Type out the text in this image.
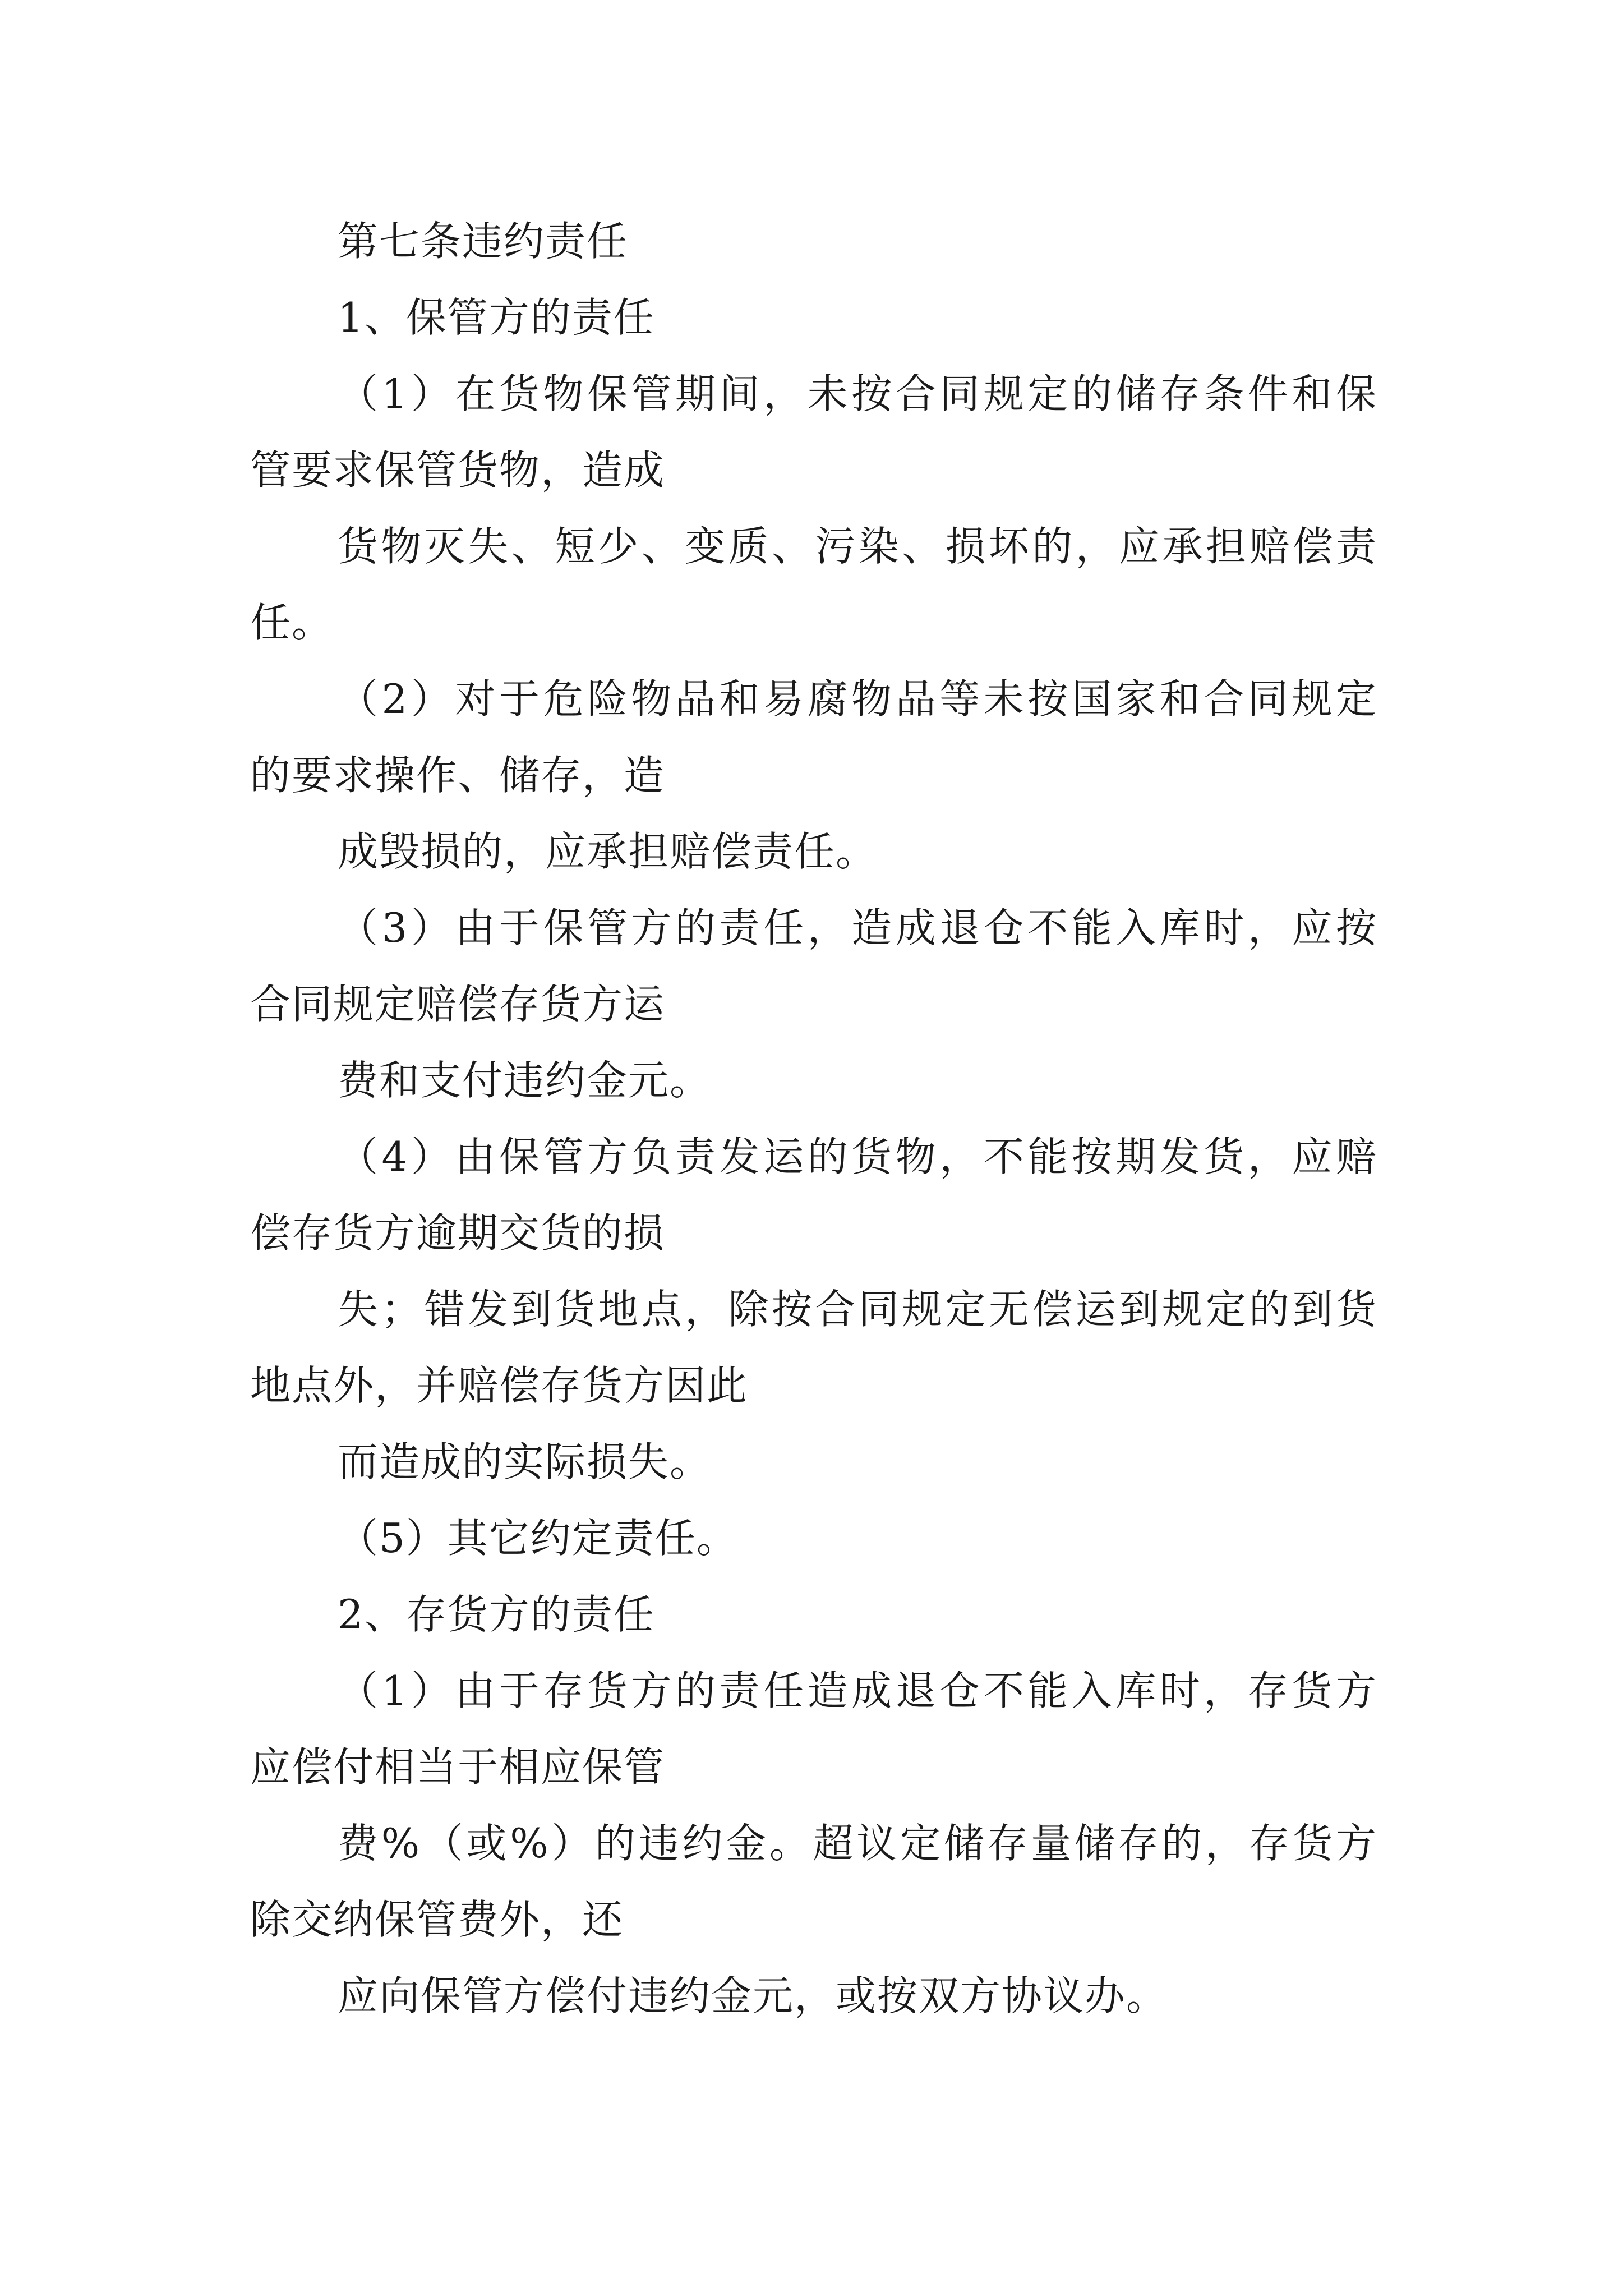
第七条违约责任
1、保管方的责任
（1）在货物保管期间，未按合同规定的储存条件和保
管要求保管货物，造成
货物灭失、短少、变质、污染、损坏的，应承担赔偿责
任。
（2）对于危险物品和易腐物品等未按国家和合同规定
的要求操作、储存，造
成毁损的，应承担赔偿责任。
（3）由于保管方的责任，造成退仓不能入库时，应按
合同规定赔偿存货方运
费和支付违约金元。
（4）由保管方负责发运的货物，不能按期发货，应赔
偿存货方逾期交货的损
失；错发到货地点，除按合同规定无偿运到规定的到货
地点外，并赔偿存货方因此
而造成的实际损失。
（5）其它约定责任。
2、存货方的责任
（1）由于存货方的责任造成退仓不能入库时，存货方
应偿付相当于相应保管
费%（或%）的违约金。超议定储存量储存的，存货方
除交纳保管费外，还
应向保管方偿付违约金元，或按双方协议办。
